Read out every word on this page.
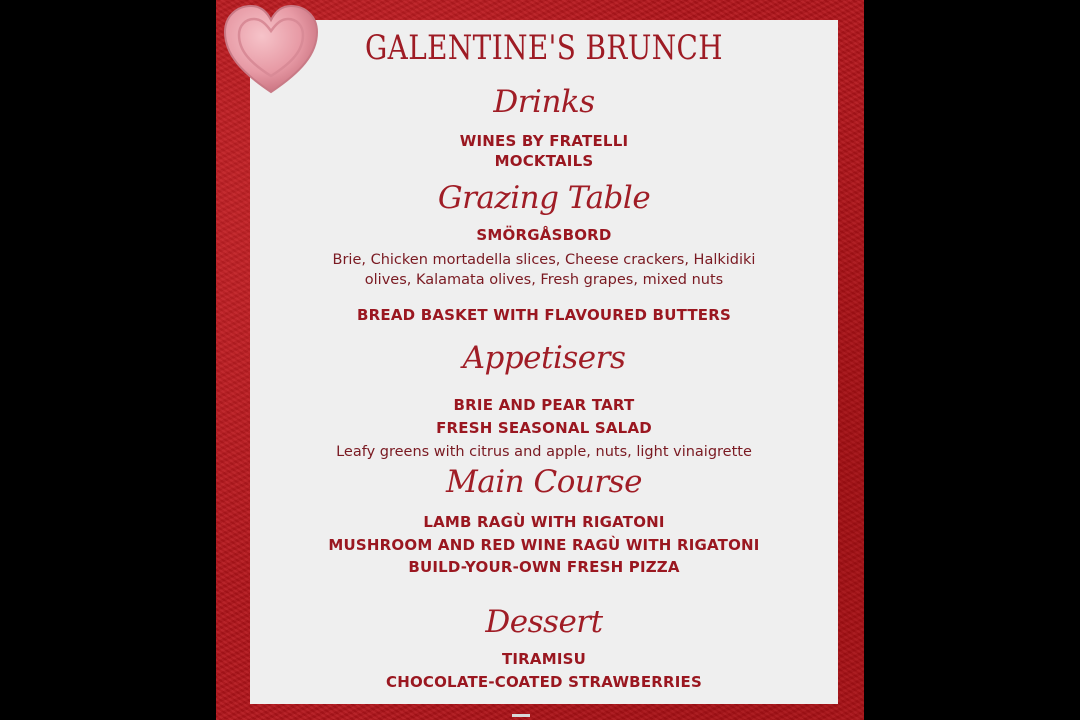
GALENTINE'S BRUNCH
Drinks
WINES BY FRATELLI
MOCKTAILS
Grazing Table
SMÖRGÅSBORD
Brie, Chicken mortadella slices, Cheese crackers, Halkidiki
olives, Kalamata olives, Fresh grapes, mixed nuts
BREAD BASKET WITH FLAVOURED BUTTERS
Appetisers
BRIE AND PEAR TART
FRESH SEASONAL SALAD
Leafy greens with citrus and apple, nuts, light vinaigrette
Main Course
LAMB RAGÙ WITH RIGATONI
MUSHROOM AND RED WINE RAGÙ WITH RIGATONI
BUILD-YOUR-OWN FRESH PIZZA
Dessert
TIRAMISU
CHOCOLATE-COATED STRAWBERRIES
